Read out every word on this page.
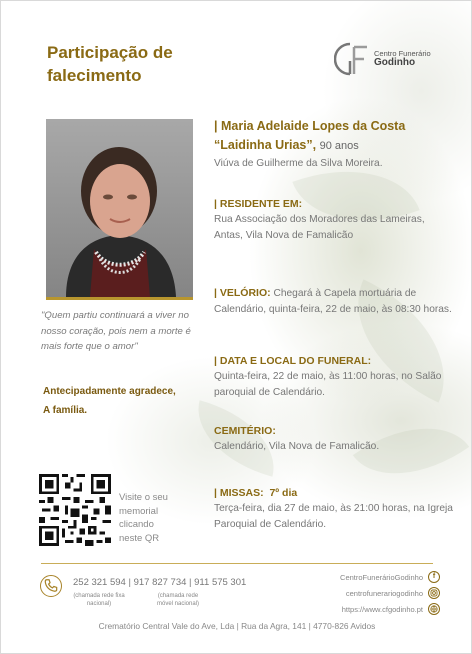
Participação de falecimento
Centro Funerário
Godinho
"Quem partiu continuará a viver no nosso coração, pois nem a morte é mais forte que o amor"
Antecipadamente agradece,
A família.
Visite o seu memorial clicando neste QR
| Maria Adelaide Lopes da Costa
“Laidinha Urias”, 90 anos
Viúva de Guilherme da Silva Moreira.
| RESIDENTE EM:
Rua Associação dos Moradores das Lameiras, Antas, Vila Nova de Famalicão
| VELÓRIO: Chegará à Capela mortuária de Calendário, quinta-feira, 22 de maio, às 08:30 horas.
| DATA E LOCAL DO FUNERAL:
Quinta-feira, 22 de maio, às 11:00 horas, no Salão paroquial de Calendário.
CEMITÉRIO:
Calendário, Vila Nova de Famalicão.
| MISSAS: 7º dia
Terça-feira, dia 27 de maio, às 21:00 horas, na Igreja Paroquial de Calendário.
252 321 594 | 917 827 734 | 911 575 301
(chamada rede fixa nacional)
(chamada rede móvel nacional)
CentroFunerárioGodinho	f
centrofunerariogodinho
https://www.cfgodinho.pt
Crematório Central Vale do Ave, Lda | Rua da Agra, 141 | 4770-826 Avidos
